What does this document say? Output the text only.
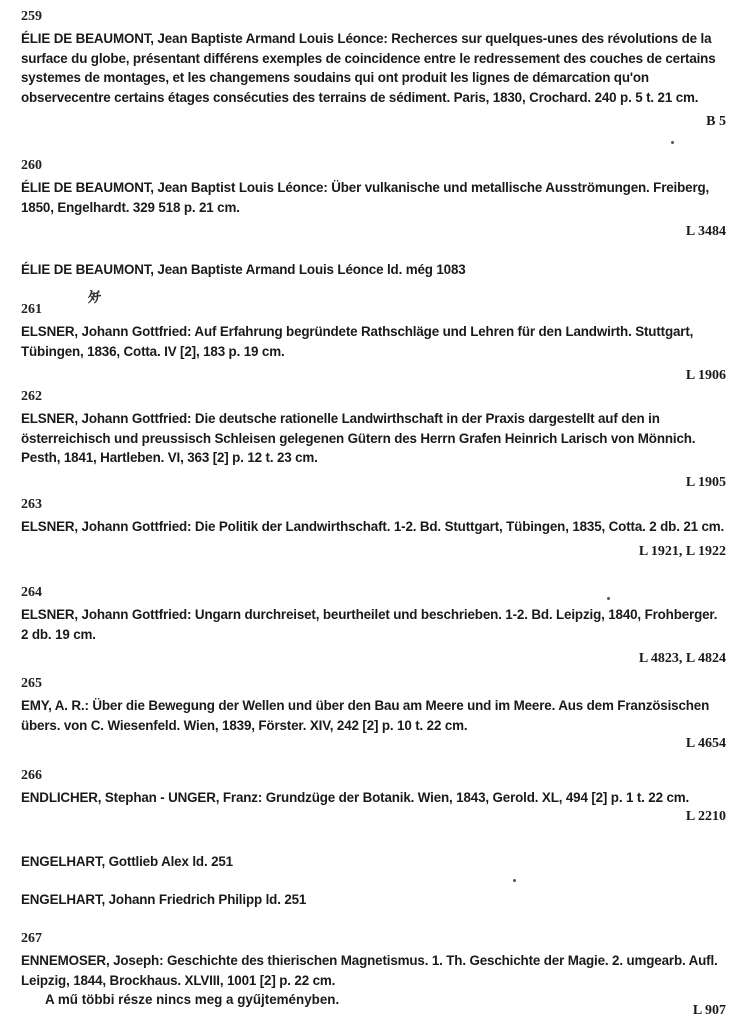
259
ÉLIE DE BEAUMONT, Jean Baptiste Armand Louis Léonce: Recherces sur quelques-unes des révolutions de la surface du globe, présentant différens exemples de coincidence entre le redressement des couches de certains systemes de montages, et les changemens soudains qui ont produit les lignes de démarcation qu'on observecentre certains étages consécuties des terrains de sédiment. Paris, 1830, Crochard. 240 p. 5 t. 21 cm.
B 5
260
ÉLIE DE BEAUMONT, Jean Baptist Louis Léonce: Über vulkanische und metallische Ausströmungen. Freiberg, 1850, Engelhardt. 329 518 p. 21 cm.
L 3484
ÉLIE DE BEAUMONT, Jean Baptiste Armand Louis Léonce ld. még 1083
ﾀﾁ
261
ELSNER, Johann Gottfried: Auf Erfahrung begründete Rathschläge und Lehren für den Landwirth. Stuttgart, Tübingen, 1836, Cotta. IV [2], 183 p. 19 cm.
L 1906
262
ELSNER, Johann Gottfried: Die deutsche rationelle Landwirthschaft in der Praxis dargestellt auf den in österreichisch und preussisch Schleisen gelegenen Gütern des Herrn Grafen Heinrich Larisch von Mönnich. Pesth, 1841, Hartleben. VI, 363 [2] p. 12 t. 23 cm.
L 1905
263
ELSNER, Johann Gottfried: Die Politik der Landwirthschaft. 1-2. Bd. Stuttgart, Tübingen, 1835, Cotta. 2 db. 21 cm.
L 1921, L 1922
264
ELSNER, Johann Gottfried: Ungarn durchreiset, beurtheilet und beschrieben. 1-2. Bd. Leipzig, 1840, Frohberger. 2 db. 19 cm.
L 4823, L 4824
265
EMY, A. R.: Über die Bewegung der Wellen und über den Bau am Meere und im Meere. Aus dem Französischen übers. von C. Wiesenfeld. Wien, 1839, Förster. XIV, 242 [2] p. 10 t. 22 cm.
L 4654
266
ENDLICHER, Stephan - UNGER, Franz: Grundzüge der Botanik. Wien, 1843, Gerold. XL, 494 [2] p. 1 t. 22 cm.
L 2210
ENGELHART, Gottlieb Alex ld. 251
ENGELHART, Johann Friedrich Philipp ld. 251
267
ENNEMOSER, Joseph: Geschichte des thierischen Magnetismus. 1. Th. Geschichte der Magie. 2. umgearb. Aufl. Leipzig, 1844, Brockhaus. XLVIII, 1001 [2] p. 22 cm.
A mű többi része nincs meg a gyűjteményben.
L 907
